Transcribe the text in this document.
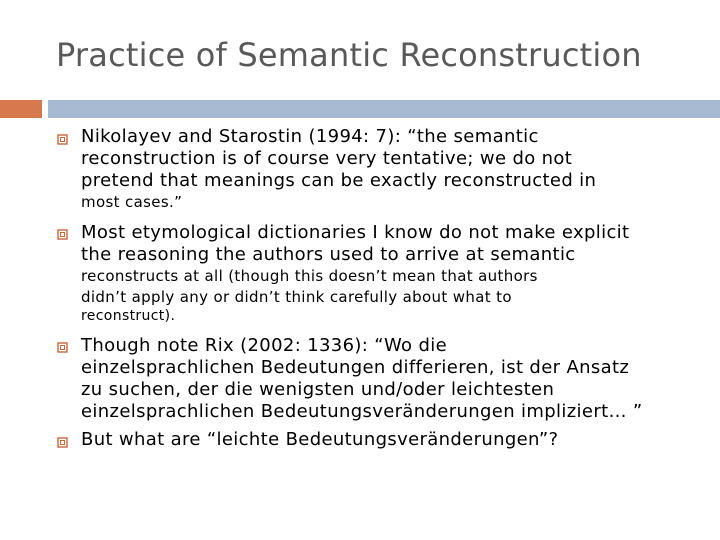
Practice of Semantic Reconstruction
Nikolayev and Starostin (1994: 7): “the semantic
reconstruction is of course very tentative; we do not
pretend that meanings can be exactly reconstructed in
most cases.”
Most etymological dictionaries I know do not make explicit
the reasoning the authors used to arrive at semantic
reconstructs at all (though this doesn’t mean that authors
didn’t apply any or didn’t think carefully about what to
reconstruct).
Though note Rix (2002: 1336): “Wo die
einzelsprachlichen Bedeutungen differieren, ist der Ansatz
zu suchen, der die wenigsten und/oder leichtesten
einzelsprachlichen Bedeutungsveränderungen impliziert… ”
But what are “leichte Bedeutungsveränderungen”?
